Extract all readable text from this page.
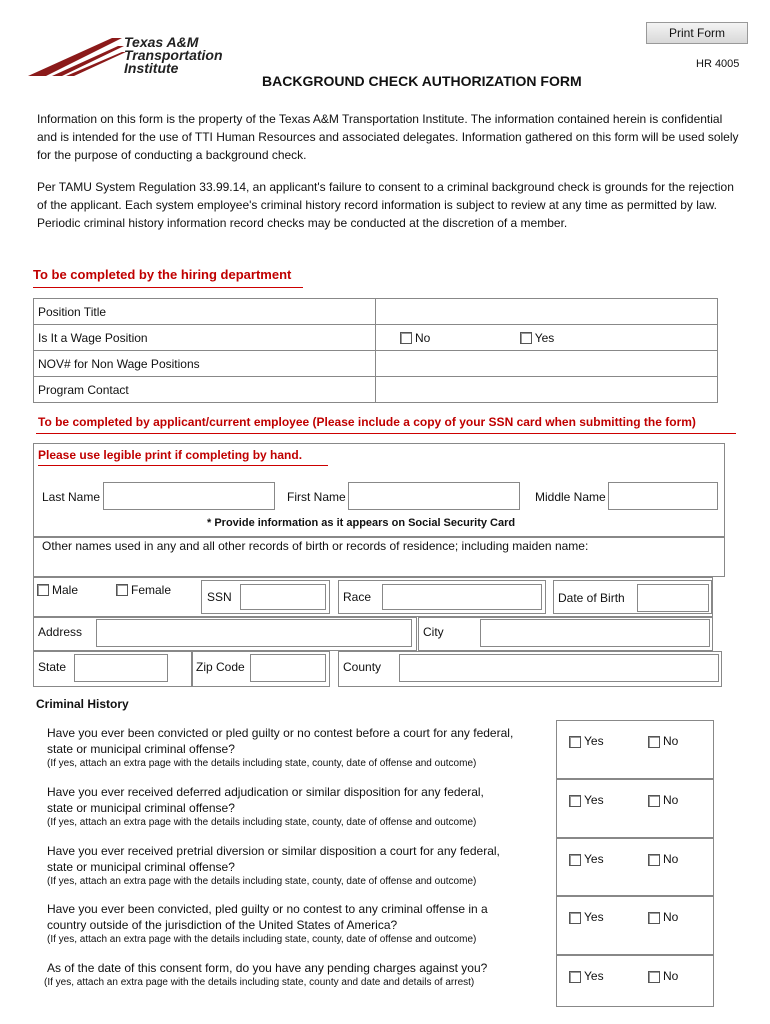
Print Form
Texas A&M
Transportation
Institute	HR 4005
BACKGROUND CHECK AUTHORIZATION FORM
Information on this form is the property of the Texas A&M Transportation Institute. The information contained herein is confidential and is intended for the use of TTI Human Resources and associated delegates. Information gathered on this form will be used solely for the purpose of conducting a background check.
Per TAMU System Regulation 33.99.14, an applicant's failure to consent to a criminal background check is grounds for the rejection of the applicant. Each system employee's criminal history record information is subject to review at any time as permitted by law. Periodic criminal history information record checks may be conducted at the discretion of a member.
To be completed by the hiring department
Position Title	
Is It a Wage Position	No Yes
NOV# for Non Wage Positions	
Program Contact	
To be completed by applicant/current employee (Please include a copy of your SSN card when submitting the form)
Please use legible print if completing by hand.
Last Name	First Name	Middle Name
* Provide information as it appears on Social Security Card
Other names used in any and all other records of birth or records of residence; including maiden name:
Male	Female
SSN	Race	Date of Birth
Address	City
State	Zip Code	County
Criminal History
Have you ever been convicted or pled guilty or no contest before a court for any federal,
state or municipal criminal offense?
(If yes, attach an extra page with the details including state, county, date of offense and outcome)
Yes	No
Have you ever received deferred adjudication or similar disposition for any federal,
state or municipal criminal offense?
(If yes, attach an extra page with the details including state, county, date of offense and outcome)
Yes	No
Have you ever received pretrial diversion or similar disposition a court for any federal,
state or municipal criminal offense?
(If yes, attach an extra page with the details including state, county, date of offense and outcome)
Yes	No
Have you ever been convicted, pled guilty or no contest to any criminal offense in a
country outside of the jurisdiction of the United States of America?
(If yes, attach an extra page with the details including state, county, date of offense and outcome)
Yes	No
As of the date of this consent form, do you have any pending charges against you?
(If yes, attach an extra page with the details including state, county and date and details of arrest)	Yes	No
